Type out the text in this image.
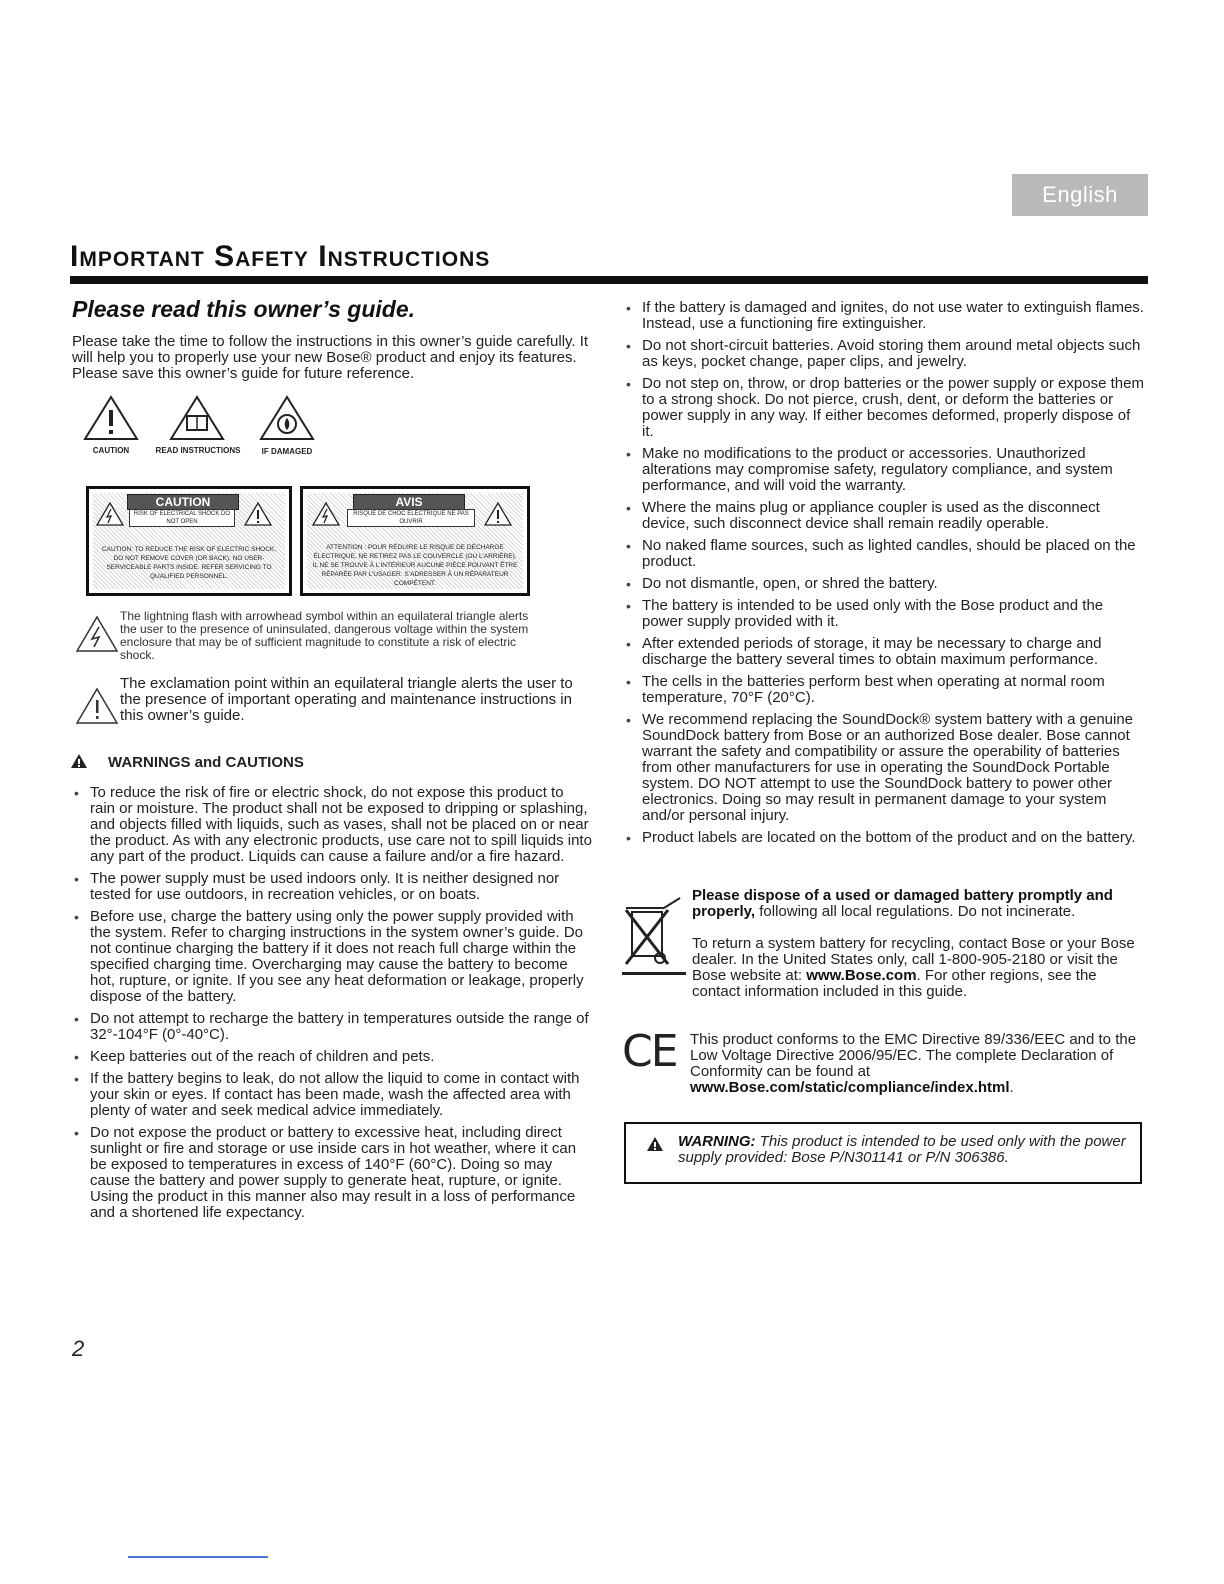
English
Important Safety Instructions
Please read this owner’s guide.
Please take the time to follow the instructions in this owner’s guide carefully. It will help you to properly use your new Bose® product and enjoy its features. Please save this owner’s guide for future reference.
CAUTION	READ INSTRUCTIONS	IF DAMAGED
CAUTION
RISK OF ELECTRICAL SHOCK DO NOT OPEN
CAUTION: TO REDUCE THE RISK OF ELECTRIC SHOCK, DO NOT REMOVE COVER (OR BACK). NO USER-SERVICEABLE PARTS INSIDE. REFER SERVICING TO QUALIFIED PERSONNEL.
AVIS
RISQUE DE CHOC ÉLECTRIQUE NE PAS OUVRIR
ATTENTION : POUR RÉDUIRE LE RISQUE DE DÉCHARGE ÉLECTRIQUE, NE RETIREZ PAS LE COUVERCLE (OU L’ARRIÈRE). IL NE SE TROUVE À L’INTÉRIEUR AUCUNE PIÈCE POUVANT ÊTRE RÉPARÉE PAR L’USAGER. S’ADRESSER À UN RÉPARATEUR COMPÉTENT.
The lightning flash with arrowhead symbol within an equilateral triangle alerts the user to the presence of uninsulated, dangerous voltage within the system enclosure that may be of sufficient magnitude to constitute a risk of electric shock.
The exclamation point within an equilateral triangle alerts the user to the presence of important operating and maintenance instructions in this owner’s guide.
WARNINGS and CAUTIONS
• To reduce the risk of fire or electric shock, do not expose this product to rain or moisture. The product shall not be exposed to dripping or splashing, and objects filled with liquids, such as vases, shall not be placed on or near the product. As with any electronic products, use care not to spill liquids into any part of the product. Liquids can cause a failure and/or a fire hazard.
• The power supply must be used indoors only. It is neither designed nor tested for use outdoors, in recreation vehicles, or on boats.
• Before use, charge the battery using only the power supply provided with the system. Refer to charging instructions in the system owner’s guide. Do not continue charging the battery if it does not reach full charge within the specified charging time. Overcharging may cause the battery to become hot, rupture, or ignite. If you see any heat deformation or leakage, properly dispose of the battery.
• Do not attempt to recharge the battery in temperatures outside the range of 32°-104°F (0°-40°C).
• Keep batteries out of the reach of children and pets.
• If the battery begins to leak, do not allow the liquid to come in contact with your skin or eyes. If contact has been made, wash the affected area with plenty of water and seek medical advice immediately.
• Do not expose the product or battery to excessive heat, including direct sunlight or fire and storage or use inside cars in hot weather, where it can be exposed to temperatures in excess of 140°F (60°C). Doing so may cause the battery and power supply to generate heat, rupture, or ignite. Using the product in this manner also may result in a loss of performance and a shortened life expectancy.
• If the battery is damaged and ignites, do not use water to extinguish flames. Instead, use a functioning fire extinguisher.
• Do not short-circuit batteries. Avoid storing them around metal objects such as keys, pocket change, paper clips, and jewelry.
• Do not step on, throw, or drop batteries or the power supply or expose them to a strong shock. Do not pierce, crush, dent, or deform the batteries or power supply in any way. If either becomes deformed, properly dispose of it.
• Make no modifications to the product or accessories. Unauthorized alterations may compromise safety, regulatory compliance, and system performance, and will void the warranty.
• Where the mains plug or appliance coupler is used as the disconnect device, such disconnect device shall remain readily operable.
• No naked flame sources, such as lighted candles, should be placed on the product.
• Do not dismantle, open, or shred the battery.
• The battery is intended to be used only with the Bose product and the power supply provided with it.
• After extended periods of storage, it may be necessary to charge and discharge the battery several times to obtain maximum performance.
• The cells in the batteries perform best when operating at normal room temperature, 70°F (20°C).
• We recommend replacing the SoundDock® system battery with a genuine SoundDock battery from Bose or an authorized Bose dealer. Bose cannot warrant the safety and compatibility or assure the operability of batteries from other manufacturers for use in operating the SoundDock Portable system. DO NOT attempt to use the SoundDock battery to power other electronics. Doing so may result in permanent damage to your system and/or personal injury.
• Product labels are located on the bottom of the product and on the battery.
Please dispose of a used or damaged battery promptly and properly, following all local regulations. Do not incinerate.
To return a system battery for recycling, contact Bose or your Bose dealer. In the United States only, call 1-800-905-2180 or visit the Bose website at: www.Bose.com. For other regions, see the contact information included in this guide.
CE This product conforms to the EMC Directive 89/336/EEC and to the Low Voltage Directive 2006/95/EC. The complete Declaration of Conformity can be found at www.Bose.com/static/compliance/index.html.
WARNING: This product is intended to be used only with the power supply provided: Bose P/N301141 or P/N 306386.
2
